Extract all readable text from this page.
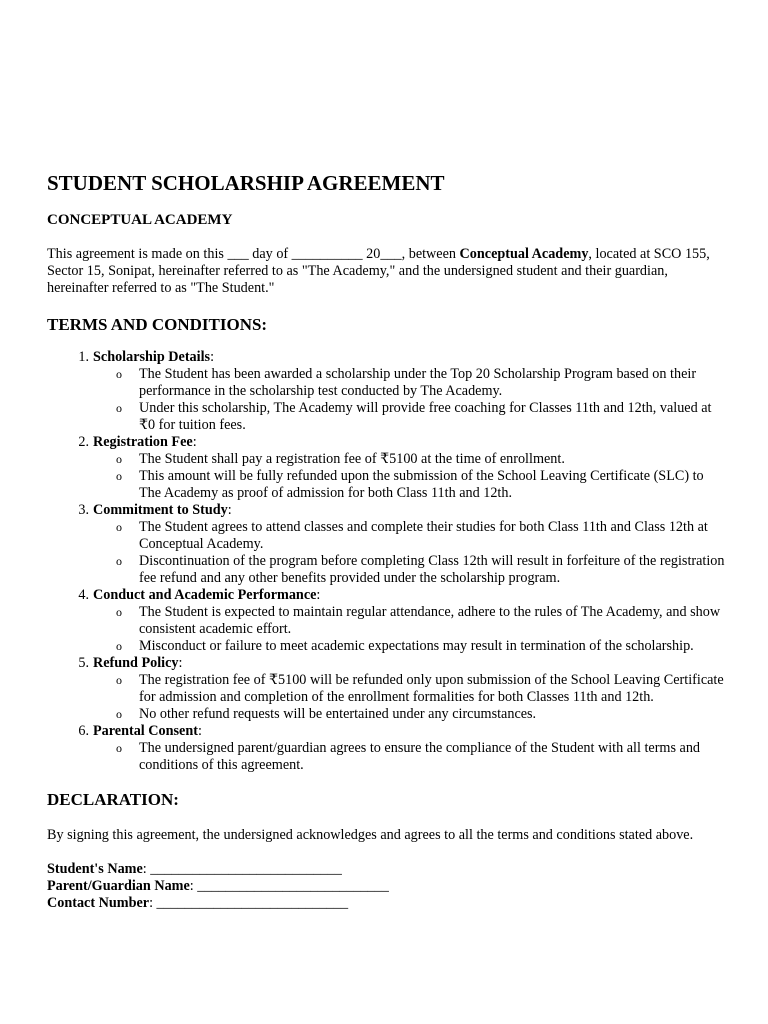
STUDENT SCHOLARSHIP AGREEMENT
CONCEPTUAL ACADEMY

This agreement is made on this ___ day of __________ 20___, between Conceptual Academy, located at SCO 155, Sector 15, Sonipat, hereinafter referred to as "The Academy," and the undersigned student and their guardian, hereinafter referred to as "The Student."

TERMS AND CONDITIONS:
1. Scholarship Details:
o The Student has been awarded a scholarship under the Top 20 Scholarship Program based on their performance in the scholarship test conducted by The Academy.
o Under this scholarship, The Academy will provide free coaching for Classes 11th and 12th, valued at ₹0 for tuition fees.
2. Registration Fee:
o The Student shall pay a registration fee of ₹5100 at the time of enrollment.
o This amount will be fully refunded upon the submission of the School Leaving Certificate (SLC) to The Academy as proof of admission for both Class 11th and 12th.
3. Commitment to Study:
o The Student agrees to attend classes and complete their studies for both Class 11th and Class 12th at Conceptual Academy.
o Discontinuation of the program before completing Class 12th will result in forfeiture of the registration fee refund and any other benefits provided under the scholarship program.
4. Conduct and Academic Performance:
o The Student is expected to maintain regular attendance, adhere to the rules of The Academy, and show consistent academic effort.
o Misconduct or failure to meet academic expectations may result in termination of the scholarship.
5. Refund Policy:
o The registration fee of ₹5100 will be refunded only upon submission of the School Leaving Certificate for admission and completion of the enrollment formalities for both Classes 11th and 12th.
o No other refund requests will be entertained under any circumstances.
6. Parental Consent:
o The undersigned parent/guardian agrees to ensure the compliance of the Student with all terms and conditions of this agreement.
DECLARATION:

By signing this agreement, the undersigned acknowledges and agrees to all the terms and conditions stated above.

Student's Name: ___________________________
Parent/Guardian Name: ___________________________
Contact Number: ___________________________
